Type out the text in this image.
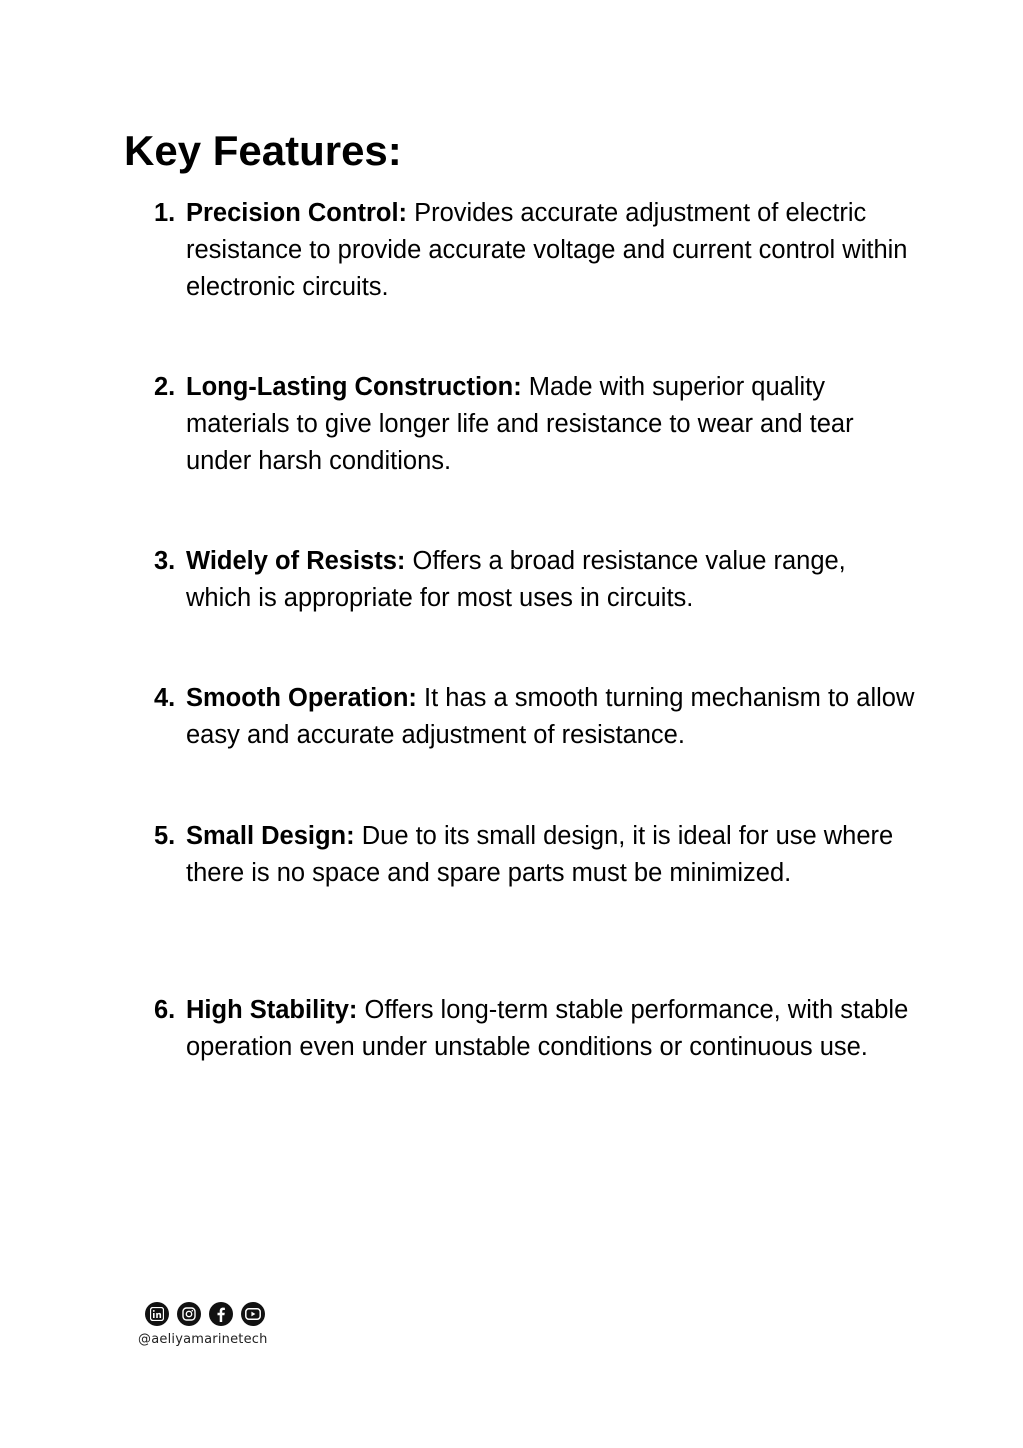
Key Features:

1. Precision Control: Provides accurate adjustment of electric resistance to provide accurate voltage and current control within electronic circuits.

2. Long-Lasting Construction: Made with superior quality materials to give longer life and resistance to wear and tear under harsh conditions.

3. Widely of Resists: Offers a broad resistance value range, which is appropriate for most uses in circuits.

4. Smooth Operation: It has a smooth turning mechanism to allow easy and accurate adjustment of resistance.

5. Small Design: Due to its small design, it is ideal for use where there is no space and spare parts must be minimized.

6. High Stability: Offers long-term stable performance, with stable operation even under unstable conditions or continuous use.

@aeliyamarinetech
